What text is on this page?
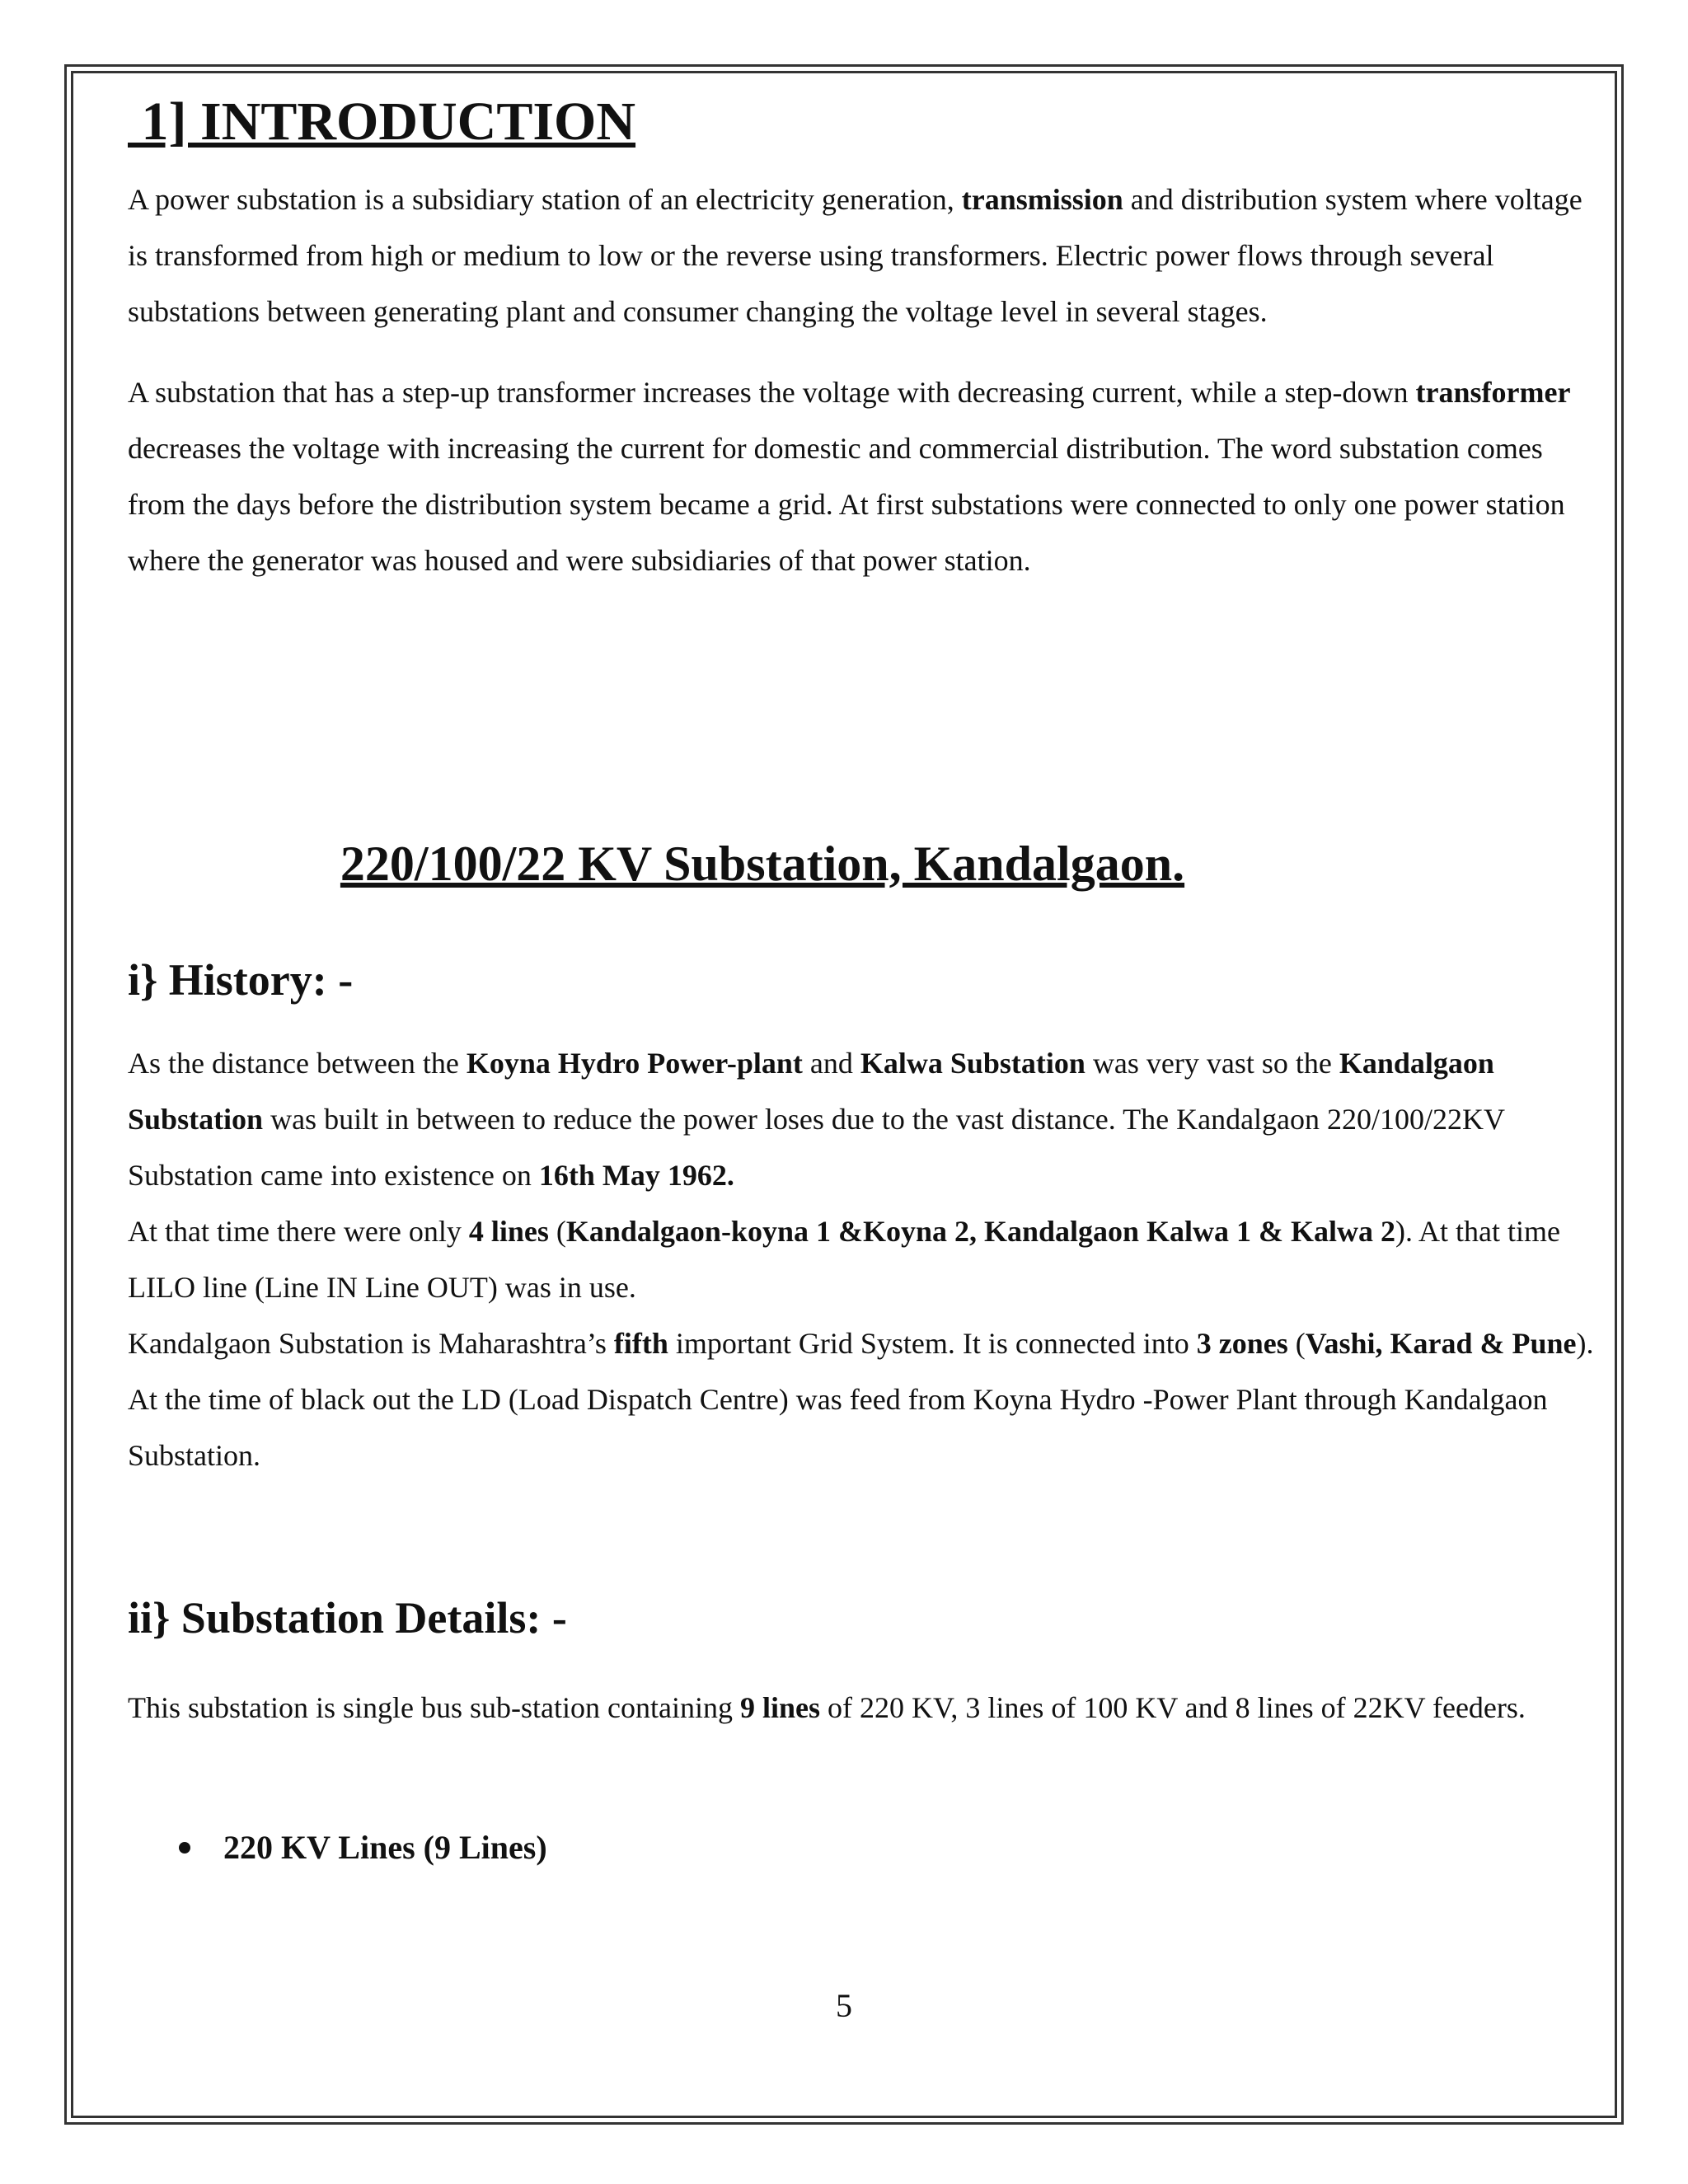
1] INTRODUCTION

A power substation is a subsidiary station of an electricity generation, transmission and distribution system where voltage is transformed from high or medium to low or the reverse using transformers. Electric power flows through several substations between generating plant and consumer changing the voltage level in several stages.

A substation that has a step-up transformer increases the voltage with decreasing current, while a step-down transformer decreases the voltage with increasing the current for domestic and commercial distribution. The word substation comes from the days before the distribution system became a grid. At first substations were connected to only one power station where the generator was housed and were subsidiaries of that power station.

220/100/22 KV Substation, Kandalgaon.
i} History: -

As the distance between the Koyna Hydro Power-plant and Kalwa Substation was very vast so the Kandalgaon Substation was built in between to reduce the power loses due to the vast distance. The Kandalgaon 220/100/22KV Substation came into existence on 16th May 1962.

At that time there were only 4 lines (Kandalgaon-koyna 1 &Koyna 2, Kandalgaon Kalwa 1 & Kalwa 2). At that time LILO line (Line IN Line OUT) was in use.

Kandalgaon Substation is Maharashtra’s fifth important Grid System. It is connected into 3 zones (Vashi, Karad & Pune). At the time of black out the LD (Load Dispatch Centre) was feed from Koyna Hydro -Power Plant through Kandalgaon Substation.

ii} Substation Details: -

This substation is single bus sub-station containing 9 lines of 220 KV, 3 lines of 100 KV and 8 lines of 22KV feeders.

220 KV Lines (9 Lines)
5
